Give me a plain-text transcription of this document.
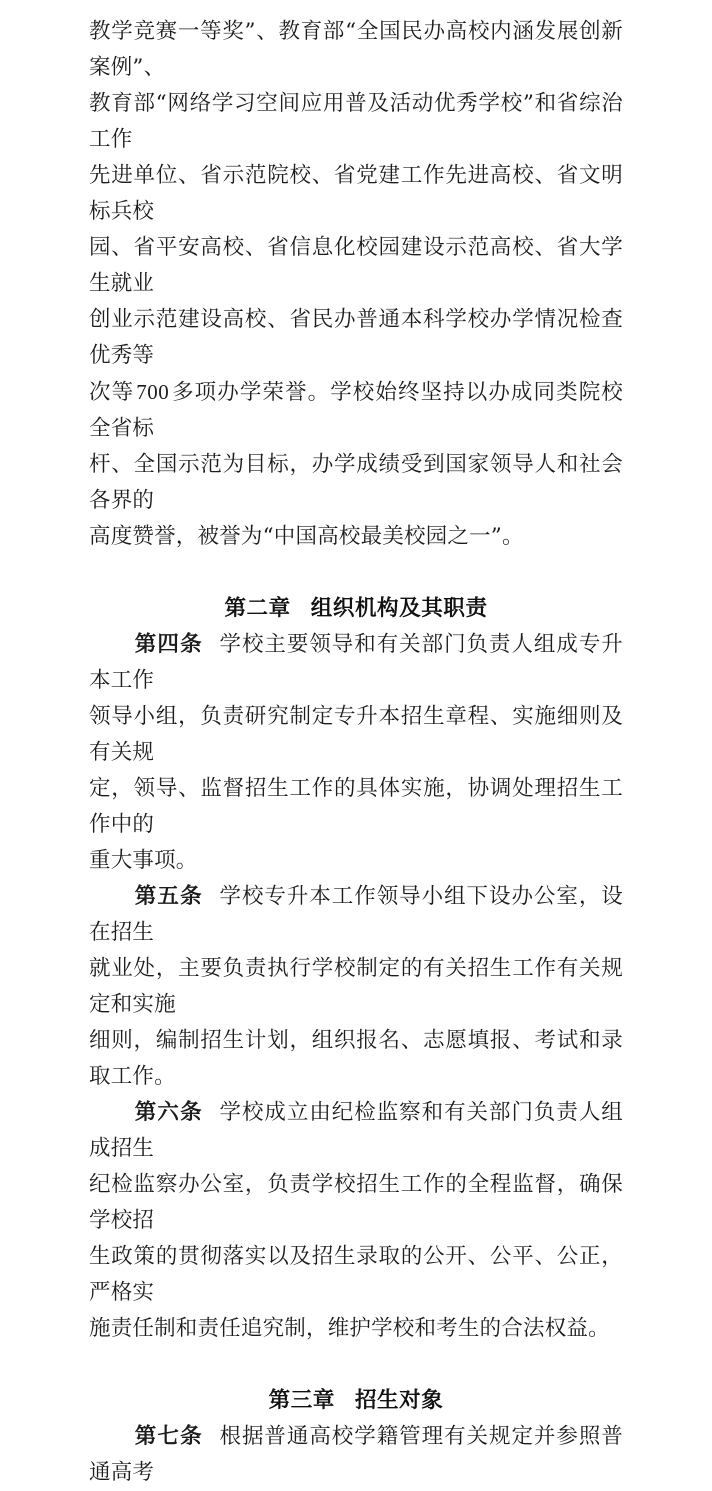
教学竞赛一等奖”、教育部“全国民办高校内涵发展创新案例”、
教育部“网络学习空间应用普及活动优秀学校”和省综治工作
先进单位、省示范院校、省党建工作先进高校、省文明标兵校
园、省平安高校、省信息化校园建设示范高校、省大学生就业
创业示范建设高校、省民办普通本科学校办学情况检查优秀等
次等700多项办学荣誉。学校始终坚持以办成同类院校全省标
杆、全国示范为目标，办学成绩受到国家领导人和社会各界的
高度赞誉，被誉为“中国高校最美校园之一”。
第二章 组织机构及其职责
第四条 学校主要领导和有关部门负责人组成专升本工作
领导小组，负责研究制定专升本招生章程、实施细则及有关规
定，领导、监督招生工作的具体实施，协调处理招生工作中的
重大事项。
第五条 学校专升本工作领导小组下设办公室，设在招生
就业处，主要负责执行学校制定的有关招生工作有关规定和实施
细则，编制招生计划，组织报名、志愿填报、考试和录取工作。
第六条 学校成立由纪检监察和有关部门负责人组成招生
纪检监察办公室，负责学校招生工作的全程监督，确保学校招
生政策的贯彻落实以及招生录取的公开、公平、公正，严格实
施责任制和责任追究制，维护学校和考生的合法权益。
第三章 招生对象
第七条 根据普通高校学籍管理有关规定并参照普通高考
